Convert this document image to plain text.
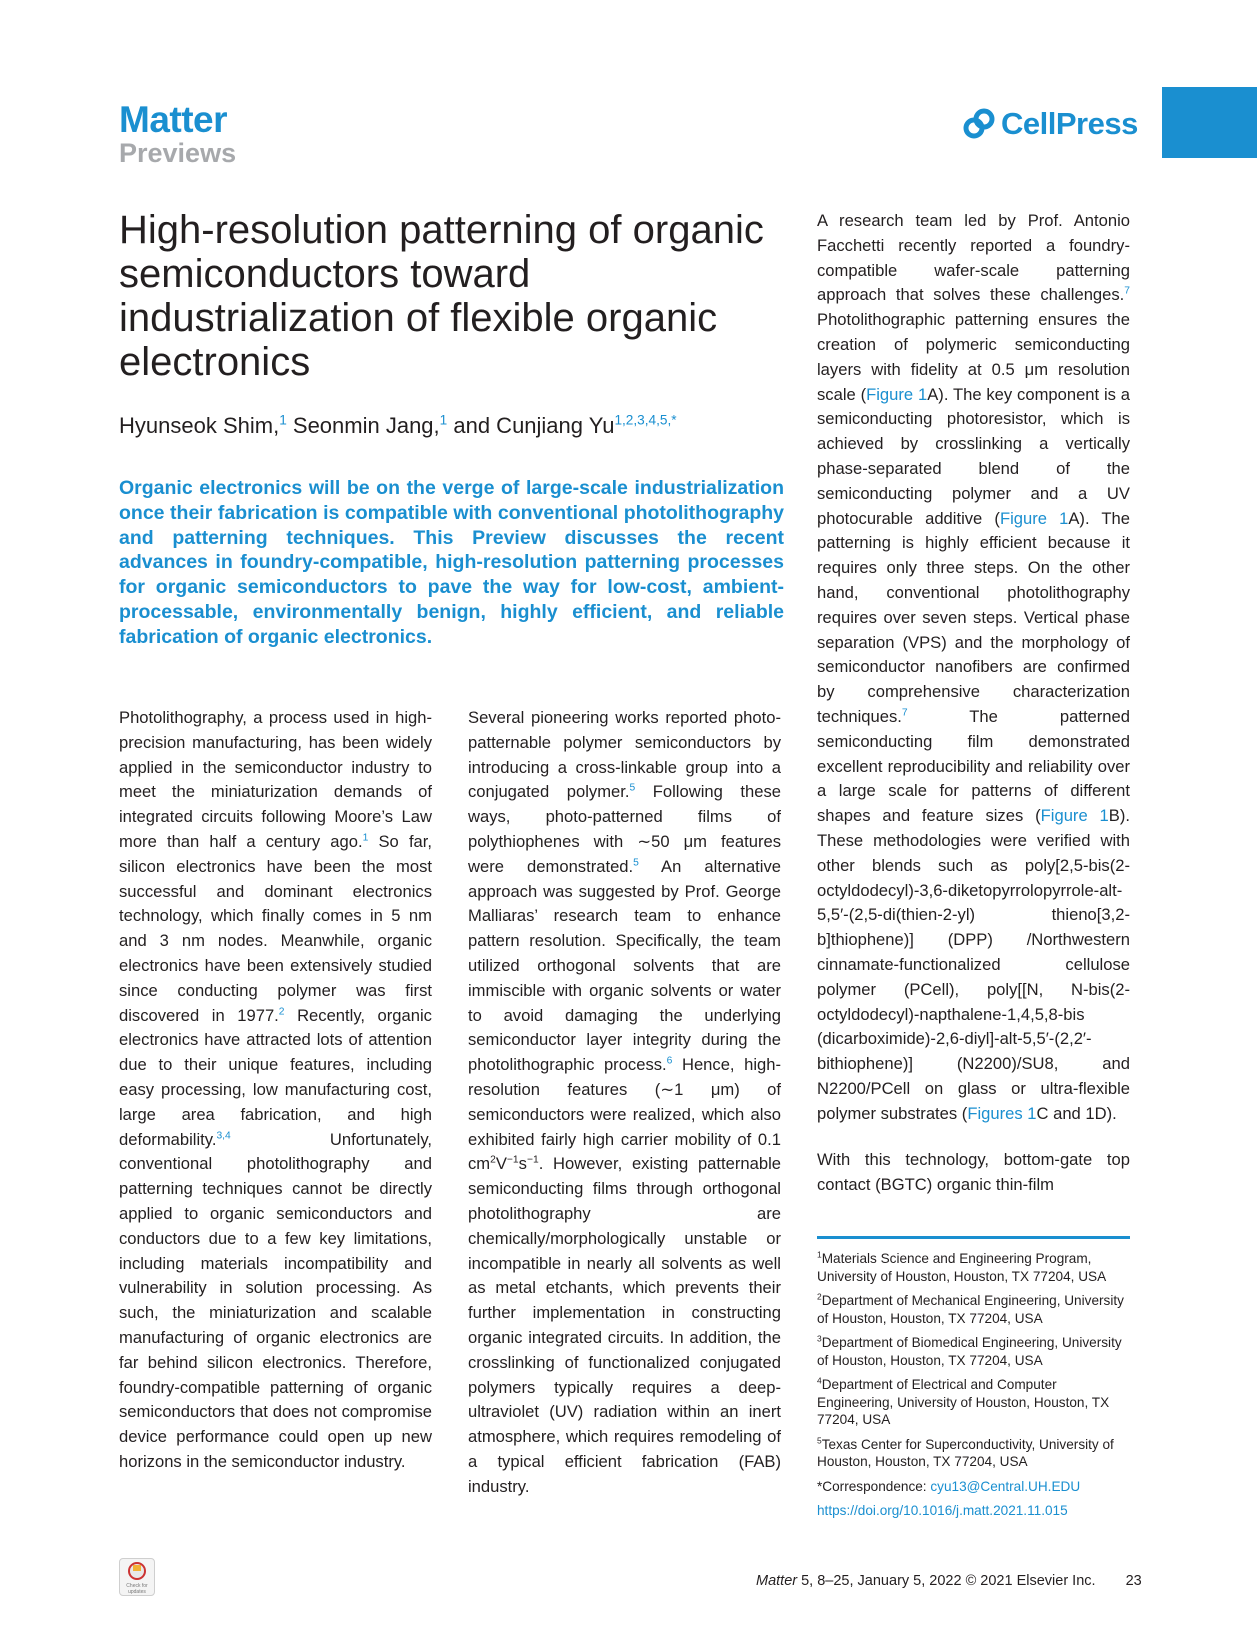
Matter
Previews
CellPress
High-resolution patterning of organic semiconductors toward industrialization of flexible organic electronics
Hyunseok Shim,$^1$ Seonmin Jang,$^1$ and Cunjiang $Yu^{1,2,3,4,5,*}$
Organic electronics will be on the verge of large-scale industrialization once their fabrication is compatible with conventional photolithography and patterning techniques. This Preview discusses the recent advances in foundry-compatible, high-resolution patterning processes for organic semiconductors to pave the way for low-cost, ambient-processable, environmentally benign, highly efficient, and reliable fabrication of organic electronics.

Photolithography, a process used in high-precision manufacturing, has been widely applied in the semiconductor industry to meet the miniaturization demands of integrated circuits following Moore’s Law more than half a century ago.$^1$ So far, silicon electronics have been the most successful and dominant electronics technology, which finally comes in 5 nm and 3 nm nodes. Meanwhile, organic electronics have been extensively studied since conducting polymer was first discovered in 1977.$^2$ Recently, organic electronics have attracted lots of attention due to their unique features, including easy processing, low manufacturing cost, large area fabrication, and high deformability.$^{3,4}$ Unfortunately, conventional photolithography and patterning techniques cannot be directly applied to organic semiconductors and conductors due to a few key limitations, including materials incompatibility and vulnerability in solution processing. As such, the miniaturization and scalable manufacturing of organic electronics are far behind silicon electronics. Therefore, foundry-compatible patterning of organic semiconductors that does not compromise device performance could open up new horizons in the semiconductor industry.

Several pioneering works reported photo-patternable polymer semiconductors by introducing a cross-linkable group into a conjugated polymer.$^5$ Following these ways, photo-patterned films of polythiophenes with ∼50 μm features were demonstrated.$^5$ An alternative approach was suggested by Prof. George Malliaras’ research team to enhance pattern resolution. Specifically, the team utilized orthogonal solvents that are immiscible with organic solvents or water to avoid damaging the underlying semiconductor layer integrity during the photolithographic process.$^6$ Hence, high-resolution features (∼1 μm) of semiconductors were realized, which also exhibited fairly high carrier mobility of 0.1 $cm^2V^{-1}s^{-1}$. However, existing patternable semiconducting films through orthogonal photolithography are chemically/morphologically unstable or incompatible in nearly all solvents as well as metal etchants, which prevents their further implementation in constructing organic integrated circuits. In addition, the crosslinking of functionalized conjugated polymers typically requires a deep-ultraviolet (UV) radiation within an inert atmosphere, which requires remodeling of a typical efficient fabrication (FAB) industry.

A research team led by Prof. Antonio Facchetti recently reported a foundry-compatible wafer-scale patterning approach that solves these challenges.$^7$ Photolithographic patterning ensures the creation of polymeric semiconducting layers with fidelity at 0.5 μm resolution scale (Figure 1A). The key component is a semiconducting photoresistor, which is achieved by crosslinking a vertically phase-separated blend of the semiconducting polymer and a UV photocurable additive (Figure 1A). The patterning is highly efficient because it requires only three steps. On the other hand, conventional photolithography requires over seven steps. Vertical phase separation (VPS) and the morphology of semiconductor nanofibers are confirmed by comprehensive characterization techniques.$^7$ The patterned semiconducting film demonstrated excellent reproducibility and reliability over a large scale for patterns of different shapes and feature sizes (Figure 1B). These methodologies were verified with other blends such as poly[2,5-bis(2-octyldodecyl)-3,6-diketopyrrolopyrrole-alt-5,5′-(2,5-di(thien-2-yl) thieno[3,2-b]thiophene)] (DPP) /Northwestern cinnamate-functionalized cellulose polymer (PCell), poly[[N, N-bis(2-octyldodecyl)-napthalene-1,4,5,8-bis (dicarboximide)-2,6-diyl]-alt-5,5′-(2,2′-bithiophene)] (N2200)/SU8, and N2200/PCell on glass or ultra-flexible polymer substrates (Figures 1C and 1D).

With this technology, bottom-gate top contact (BGTC) organic thin-film

$^1$Materials Science and Engineering Program, University of Houston, Houston, TX 77204, USA
$^2$Department of Mechanical Engineering, University of Houston, Houston, TX 77204, USA
$^3$Department of Biomedical Engineering, University of Houston, Houston, TX 77204, USA
$^4$Department of Electrical and Computer Engineering, University of Houston, Houston, TX 77204, USA
$^5$Texas Center for Superconductivity, University of Houston, Houston, TX 77204, USA
*Correspondence: cyu13@Central.UH.EDU
https://doi.org/10.1016/j.matt.2021.11.015
Check for updates
Matter 5, 8–25, January 5, 2022 © 2021 Elsevier Inc. 23
